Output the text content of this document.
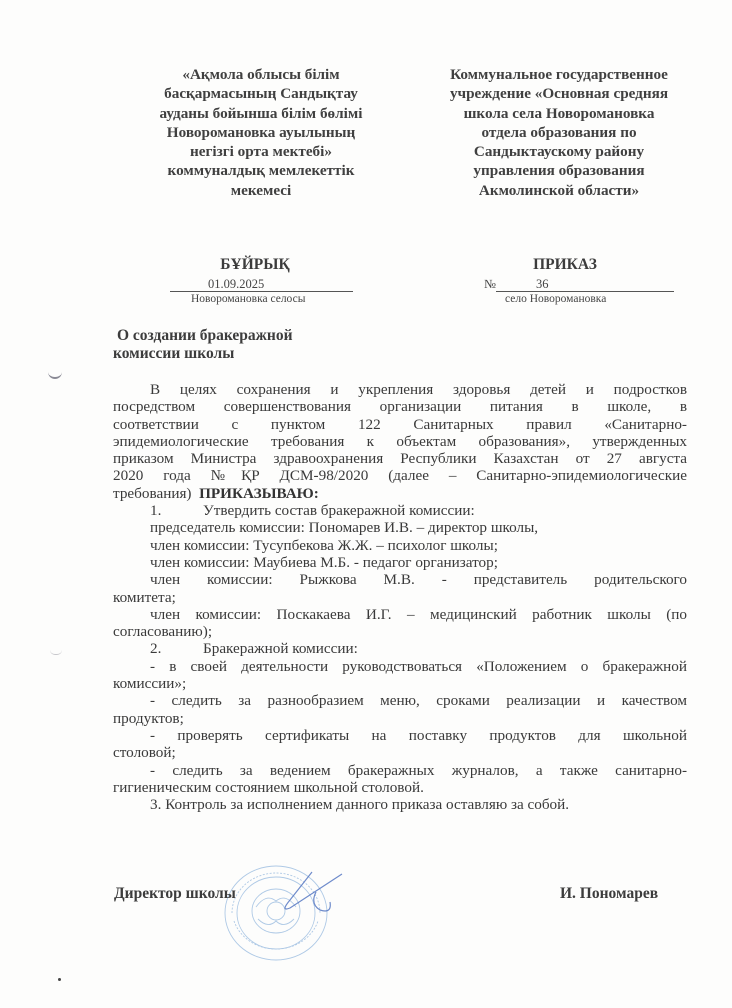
«Ақмола облысы білім
басқармасының Сандықтау
ауданы бойынша білім бөлімі
Новоромановка ауылының
негізгі орта мектебі»
коммуналдық мемлекеттік
мекемесі
Коммунальное государственное
учреждение «Основная средняя
школа села Новоромановка
отдела образования по
Сандыктаускому району
управления образования
Акмолинской области»
БҰЙРЫҚ	ПРИКАЗ
01.09.2025
Новоромановка селосы
№	36
село Новоромановка
О создании бракеражной
комиссии школы
В целях сохранения и укрепления здоровья детей и подростков
посредством совершенствования организации питания в школе, в
соответствии с пунктом 122 Санитарных правил «Санитарно-
эпидемиологические требования к объектам образования», утвержденных
приказом Министра здравоохранения Республики Казахстан от 27 августа
2020 года №ҚР ДСМ-98/2020 (далее – Санитарно-эпидемиологические
требования) ПРИКАЗЫВАЮ:
1.	Утвердить состав бракеражной комиссии:
председатель комиссии: Пономарев И.В. – директор школы,
член комиссии: Тусупбекова Ж.Ж. – психолог школы;
член комиссии: Маубиева М.Б. - педагог организатор;
член комиссии: Рыжкова М.В. - представитель родительского
комитета;
член комиссии: Поскакаева И.Г. – медицинский работник школы (по
согласованию);
2.	Бракеражной комиссии:
- в своей деятельности руководствоваться «Положением о бракеражной
комиссии»;
- следить за разнообразием меню, сроками реализации и качеством
продуктов;
- проверять сертификаты на поставку продуктов для школьной
столовой;
- следить за ведением бракеражных журналов, а также санитарно-
гигиеническим состоянием школьной столовой.
3. Контроль за исполнением данного приказа оставляю за собой.
Директор школы	И. Пономарев
